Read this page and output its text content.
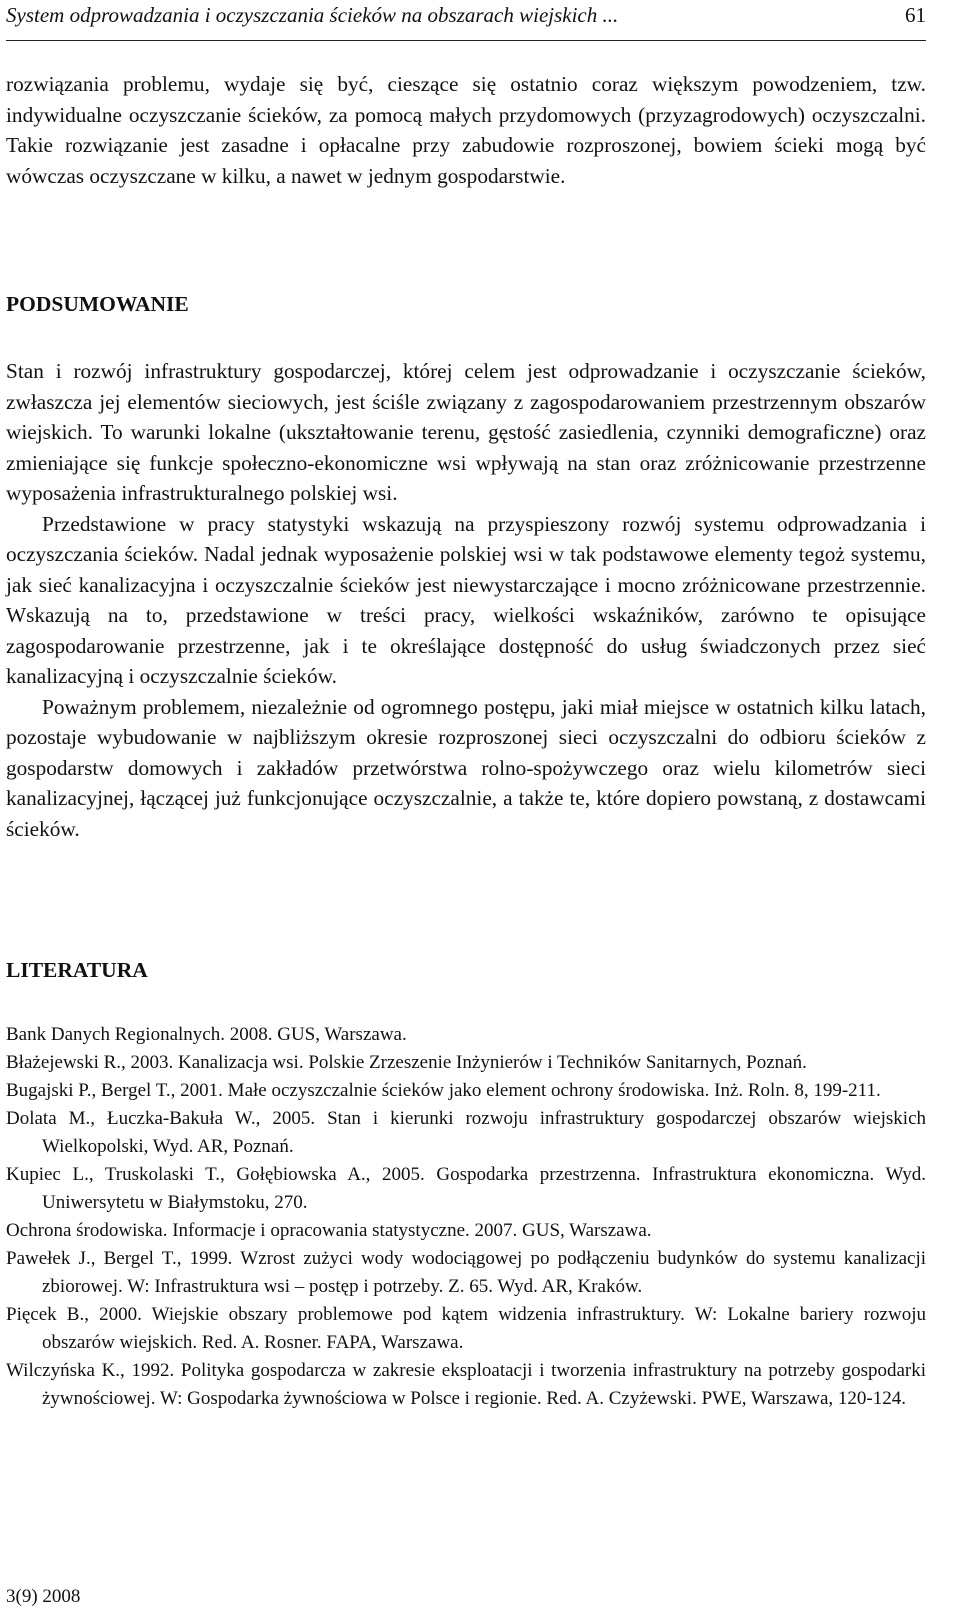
System odprowadzania i oczyszczania ścieków na obszarach wiejskich ...	61

rozwiązania problemu, wydaje się być, cieszące się ostatnio coraz większym powodzeniem, tzw. indywidualne oczyszczanie ścieków, za pomocą małych przydomowych (przyzagrodowych) oczyszczalni. Takie rozwiązanie jest zasadne i opłacalne przy zabudowie rozproszonej, bowiem ścieki mogą być wówczas oczyszczane w kilku, a nawet w jednym gospodarstwie.

PODSUMOWANIE

Stan i rozwój infrastruktury gospodarczej, której celem jest odprowadzanie i oczyszczanie ścieków, zwłaszcza jej elementów sieciowych, jest ściśle związany z zagospodarowaniem przestrzennym obszarów wiejskich. To warunki lokalne (ukształtowanie terenu, gęstość zasiedlenia, czynniki demograficzne) oraz zmieniające się funkcje społeczno-ekonomiczne wsi wpływają na stan oraz zróżnicowanie przestrzenne wyposażenia infrastrukturalnego polskiej wsi.

Przedstawione w pracy statystyki wskazują na przyspieszony rozwój systemu odprowadzania i oczyszczania ścieków. Nadal jednak wyposażenie polskiej wsi w tak podstawowe elementy tegoż systemu, jak sieć kanalizacyjna i oczyszczalnie ścieków jest niewystarczające i mocno zróżnicowane przestrzennie. Wskazują na to, przedstawione w treści pracy, wielkości wskaźników, zarówno te opisujące zagospodarowanie przestrzenne, jak i te określające dostępność do usług świadczonych przez sieć kanalizacyjną i oczyszczalnie ścieków.

Poważnym problemem, niezależnie od ogromnego postępu, jaki miał miejsce w ostatnich kilku latach, pozostaje wybudowanie w najbliższym okresie rozproszonej sieci oczyszczalni do odbioru ścieków z gospodarstw domowych i zakładów przetwórstwa rolno-spożywczego oraz wielu kilometrów sieci kanalizacyjnej, łączącej już funkcjonujące oczyszczalnie, a także te, które dopiero powstaną, z dostawcami ścieków.

LITERATURA

Bank Danych Regionalnych. 2008. GUS, Warszawa.

Błażejewski R., 2003. Kanalizacja wsi. Polskie Zrzeszenie Inżynierów i Techników Sanitarnych, Poznań.

Bugajski P., Bergel T., 2001. Małe oczyszczalnie ścieków jako element ochrony środowiska. Inż. Roln. 8, 199-211.

Dolata M., Łuczka-Bakuła W., 2005. Stan i kierunki rozwoju infrastruktury gospodarczej obszarów wiejskich Wielkopolski, Wyd. AR, Poznań.

Kupiec L., Truskolaski T., Gołębiowska A., 2005. Gospodarka przestrzenna. Infrastruktura ekonomiczna. Wyd. Uniwersytetu w Białymstoku, 270.

Ochrona środowiska. Informacje i opracowania statystyczne. 2007. GUS, Warszawa.

Pawełek J., Bergel T., 1999. Wzrost zużyci wody wodociągowej po podłączeniu budynków do systemu kanalizacji zbiorowej. W: Infrastruktura wsi – postęp i potrzeby. Z. 65. Wyd. AR, Kraków.

Pięcek B., 2000. Wiejskie obszary problemowe pod kątem widzenia infrastruktury. W: Lokalne bariery rozwoju obszarów wiejskich. Red. A. Rosner. FAPA, Warszawa.

Wilczyńska K., 1992. Polityka gospodarcza w zakresie eksploatacji i tworzenia infrastruktury na potrzeby gospodarki żywnościowej. W: Gospodarka żywnościowa w Polsce i regionie. Red. A. Czyżewski. PWE, Warszawa, 120-124.

3(9) 2008
